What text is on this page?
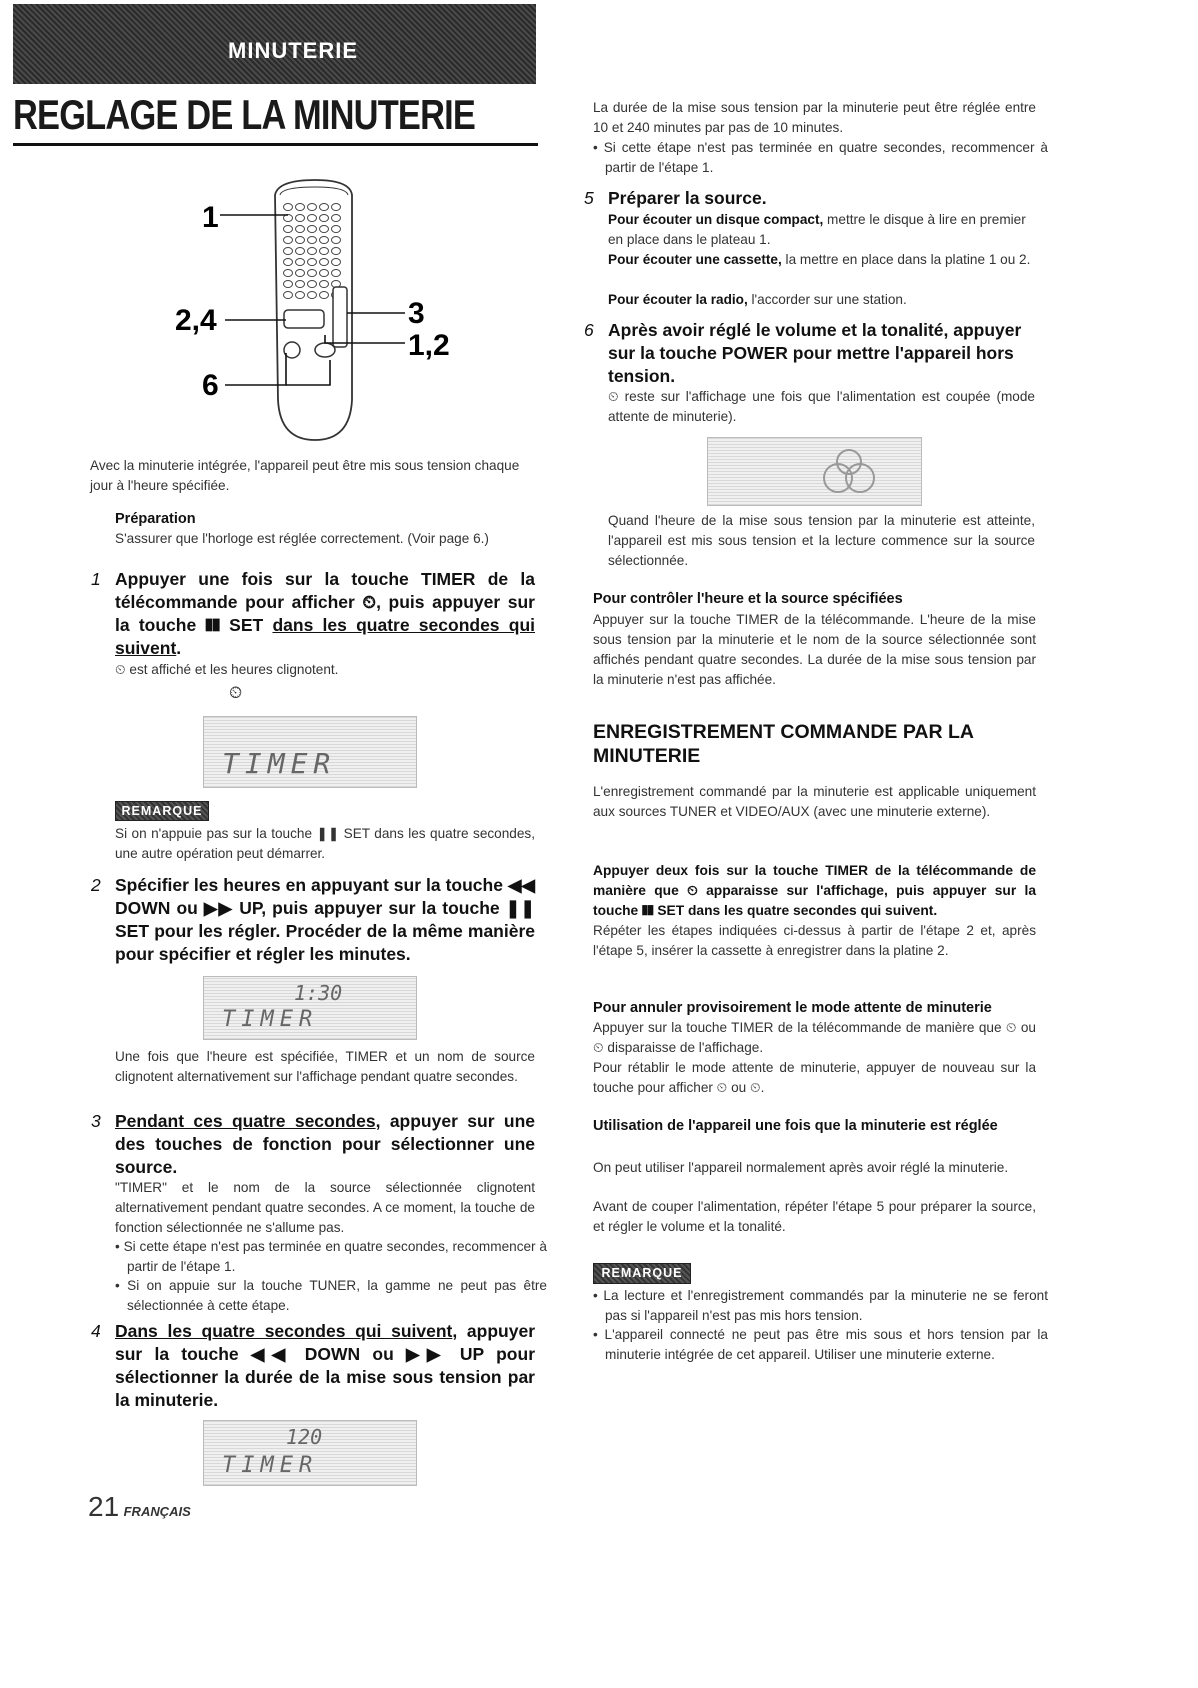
MINUTERIE
REGLAGE DE LA MINUTERIE
1
2,4
6
3
1,2
Avec la minuterie intégrée, l'appareil peut être mis sous tension chaque jour à l'heure spécifiée.
Préparation
S'assurer que l'horloge est réglée correctement. (Voir page 6.)
1 Appuyer une fois sur la touche TIMER de la télécommande pour afficher ⏲, puis appuyer sur la touche ❚❚ SET dans les quatre secondes qui suivent.
⏲ est affiché et les heures clignotent.
⏲
TIMER
REMARQUE
Si on n'appuie pas sur la touche ❚❚ SET dans les quatre secondes, une autre opération peut démarrer.
2 Spécifier les heures en appuyant sur la touche ◀◀ DOWN ou ▶▶ UP, puis appuyer sur la touche ❚❚ SET pour les régler. Procéder de la même manière pour spécifier et régler les minutes.
1:30
TIMER
Une fois que l'heure est spécifiée, TIMER et un nom de source clignotent alternativement sur l'affichage pendant quatre secondes.
3 Pendant ces quatre secondes, appuyer sur une des touches de fonction pour sélectionner une source.
"TIMER" et le nom de la source sélectionnée clignotent alternativement pendant quatre secondes. A ce moment, la touche de fonction sélectionnée ne s'allume pas.
• Si cette étape n'est pas terminée en quatre secondes, recommencer à partir de l'étape 1.
• Si on appuie sur la touche TUNER, la gamme ne peut pas être sélectionnée à cette étape.
4 Dans les quatre secondes qui suivent, appuyer sur la touche ◀◀ DOWN ou ▶▶ UP pour sélectionner la durée de la mise sous tension par la minuterie.
120
TIMER
La durée de la mise sous tension par la minuterie peut être réglée entre 10 et 240 minutes par pas de 10 minutes.
• Si cette étape n'est pas terminée en quatre secondes, recommencer à partir de l'étape 1.
5 Préparer la source.
Pour écouter un disque compact, mettre le disque à lire en premier en place dans le plateau 1.
Pour écouter une cassette, la mettre en place dans la platine 1 ou 2.
Pour écouter la radio, l'accorder sur une station.
6 Après avoir réglé le volume et la tonalité, appuyer sur la touche POWER pour mettre l'appareil hors tension.
⏲ reste sur l'affichage une fois que l'alimentation est coupée (mode attente de minuterie).
Quand l'heure de la mise sous tension par la minuterie est atteinte, l'appareil est mis sous tension et la lecture commence sur la source sélectionnée.
Pour contrôler l'heure et la source spécifiées
Appuyer sur la touche TIMER de la télécommande. L'heure de la mise sous tension par la minuterie et le nom de la source sélectionnée sont affichés pendant quatre secondes. La durée de la mise sous tension par la minuterie n'est pas affichée.
ENREGISTREMENT COMMANDE PAR LA MINUTERIE
L'enregistrement commandé par la minuterie est applicable uniquement aux sources TUNER et VIDEO/AUX (avec une minuterie externe).
Appuyer deux fois sur la touche TIMER de la télécommande de manière que ⏲ apparaisse sur l'affichage, puis appuyer sur la touche ❚❚ SET dans les quatre secondes qui suivent.
Répéter les étapes indiquées ci-dessus à partir de l'étape 2 et, après l'étape 5, insérer la cassette à enregistrer dans la platine 2.
Pour annuler provisoirement le mode attente de minuterie
Appuyer sur la touche TIMER de la télécommande de manière que ⏲ ou ⏲ disparaisse de l'affichage.
Pour rétablir le mode attente de minuterie, appuyer de nouveau sur la touche pour afficher ⏲ ou ⏲.
Utilisation de l'appareil une fois que la minuterie est réglée
On peut utiliser l'appareil normalement après avoir réglé la minuterie.
Avant de couper l'alimentation, répéter l'étape 5 pour préparer la source, et régler le volume et la tonalité.
REMARQUE
• La lecture et l'enregistrement commandés par la minuterie ne se feront pas si l'appareil n'est pas mis hors tension.
• L'appareil connecté ne peut pas être mis sous et hors tension par la minuterie intégrée de cet appareil. Utiliser une minuterie externe.
21 FRANÇAIS
